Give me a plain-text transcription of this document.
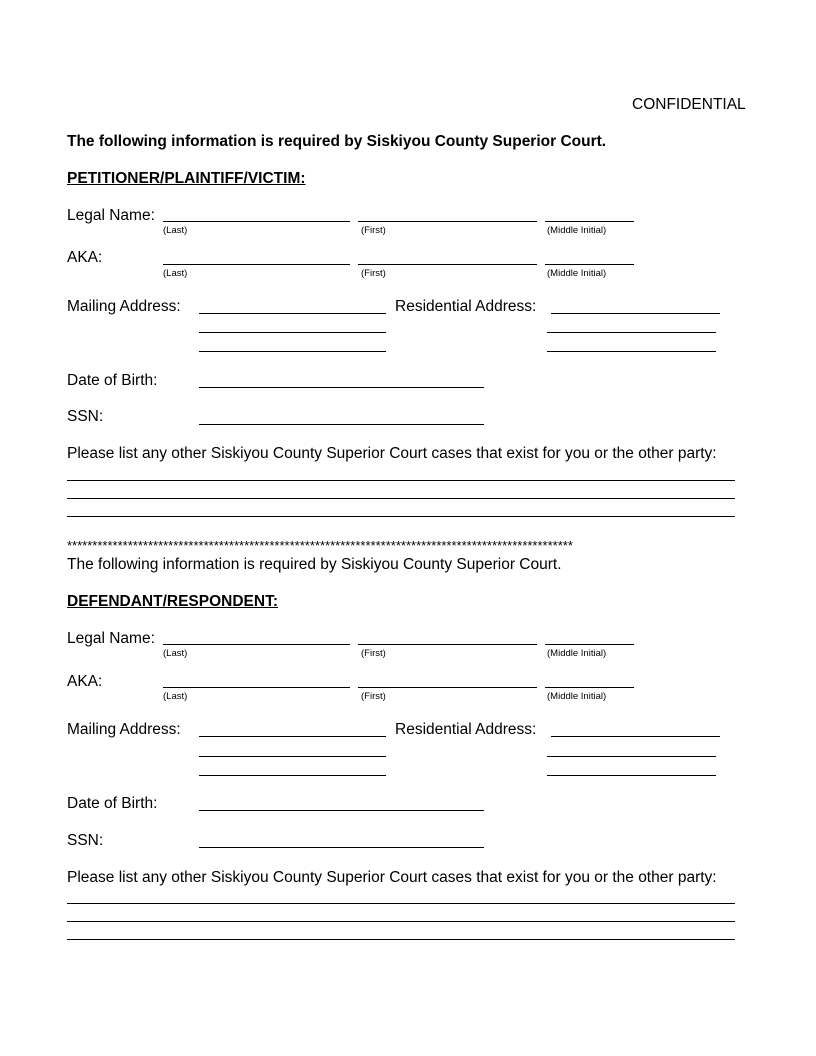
CONFIDENTIAL
The following information is required by Siskiyou County Superior Court.
PETITIONER/PLAINTIFF/VICTIM:
Legal Name:
(Last)	(First)	(Middle Initial)
AKA:
(Last)	(First)	(Middle Initial)
Mailing Address:	Residential Address:
Date of Birth:
SSN:
Please list any other Siskiyou County Superior Court cases that exist for you or the other party:
****************************************************************************************************
The following information is required by Siskiyou County Superior Court.
DEFENDANT/RESPONDENT:
Legal Name:
(Last)	(First)	(Middle Initial)
AKA:
(Last)	(First)	(Middle Initial)
Mailing Address:	Residential Address:
Date of Birth:
SSN:
Please list any other Siskiyou County Superior Court cases that exist for you or the other party:
